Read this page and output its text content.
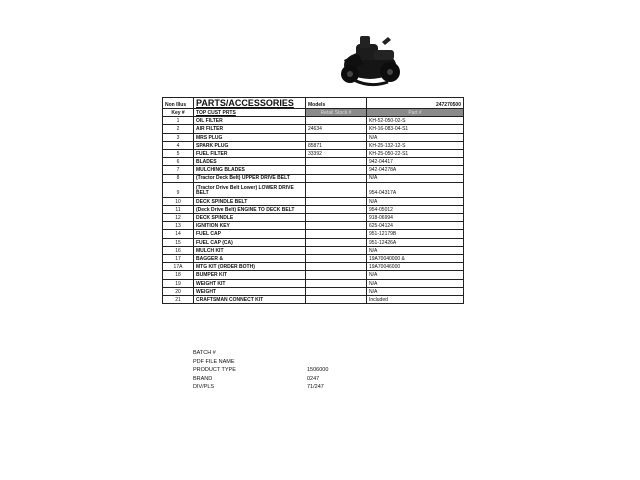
Non Illus	PARTS/ACCESSORIES	Models	247270500
Key #	TOP CUST PRTS	Retail Stock #	Part #
1	OIL FILTER		KH-52-050-02-S
2	AIR FILTER	24634	KH-16-083-04-S1
3	MRS PLUG		N/A
4	SPARK PLUG	85871	KH-25-132-12-S
5	FUEL FILTER	33392	KH-25-050-22-S1
6	BLADES		942-04417
7	MULCHING BLADES		942-04278A
8	(Tractor Deck Belt) UPPER DRIVE BELT		N/A
9	(Tractor Drive Belt Lower) LOWER DRIVE BELT		954-04317A
10	DECK SPINDLE BELT		N/A
11	(Deck Drive Belt) ENGINE TO DECK BELT		954-05012
12	DECK SPINDLE		918-06994
13	IGNITION KEY		625-04124
14	FUEL CAP		951-12179B
15	FUEL CAP (CA)		951-12426A
16	MULCH KIT		N/A
17	BAGGER &		19A70040000 &
17A	MTG KIT (ORDER BOTH)		19A70046000
18	BUMPER KIT		N/A
19	WEIGHT KIT		N/A
20	WEIGHT		N/A
21	CRAFTSMAN CONNECT KIT		Included
BATCH #
PDF FILE NAME
PRODUCT TYPE	1506000
BRAND	0247
DIV/PLS	71/247
